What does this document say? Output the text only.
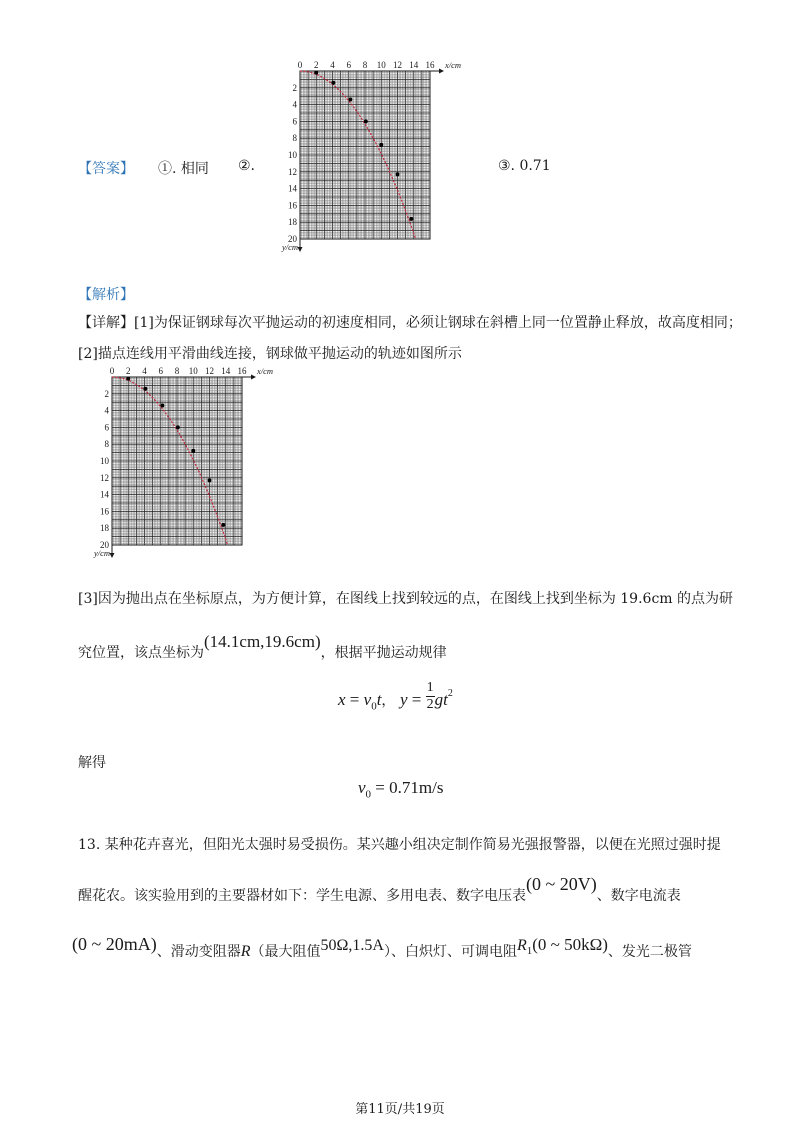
【答案】 ①. 相同 ②.
0 2 4 6 8 10 12 14 16
2
4
6
8
10
12
14
16
18
20
x/cm
y/cm
③. 0.71
【解析】
【详解】[1]为保证钢球每次平抛运动的初速度相同，必须让钢球在斜槽上同一位置静止释放，故高度相同；
[2]描点连线用平滑曲线连接，钢球做平抛运动的轨迹如图所示
0 2 4 6 8 10 12 14 16
2
4
6
8
10
12
14
16
18
20
x/cm
y/cm
[3]因为抛出点在坐标原点，为方便计算，在图线上找到较远的点，在图线上找到坐标为 19.6cm 的点为研
究位置，该点坐标为(14.1cm,19.6cm)，根据平抛运动规律
$x = v_0t$， $y = \frac{1}{2} gt^2$
解得
$v_0 = 0.71m/s$
13. 某种花卉喜光，但阳光太强时易受损伤。某兴趣小组决定制作简易光强报警器，以便在光照过强时提
醒花农。该实验用到的主要器材如下：学生电源、多用电表、数字电压表(0 ~ 20V)、数字电流表
(0 ~ 20mA)、滑动变阻器R（最大阻值50Ω,1.5A）、白炽灯、可调电阻$R_1(0$ ~ 50kΩ)、发光二极管
第11页/共19页
